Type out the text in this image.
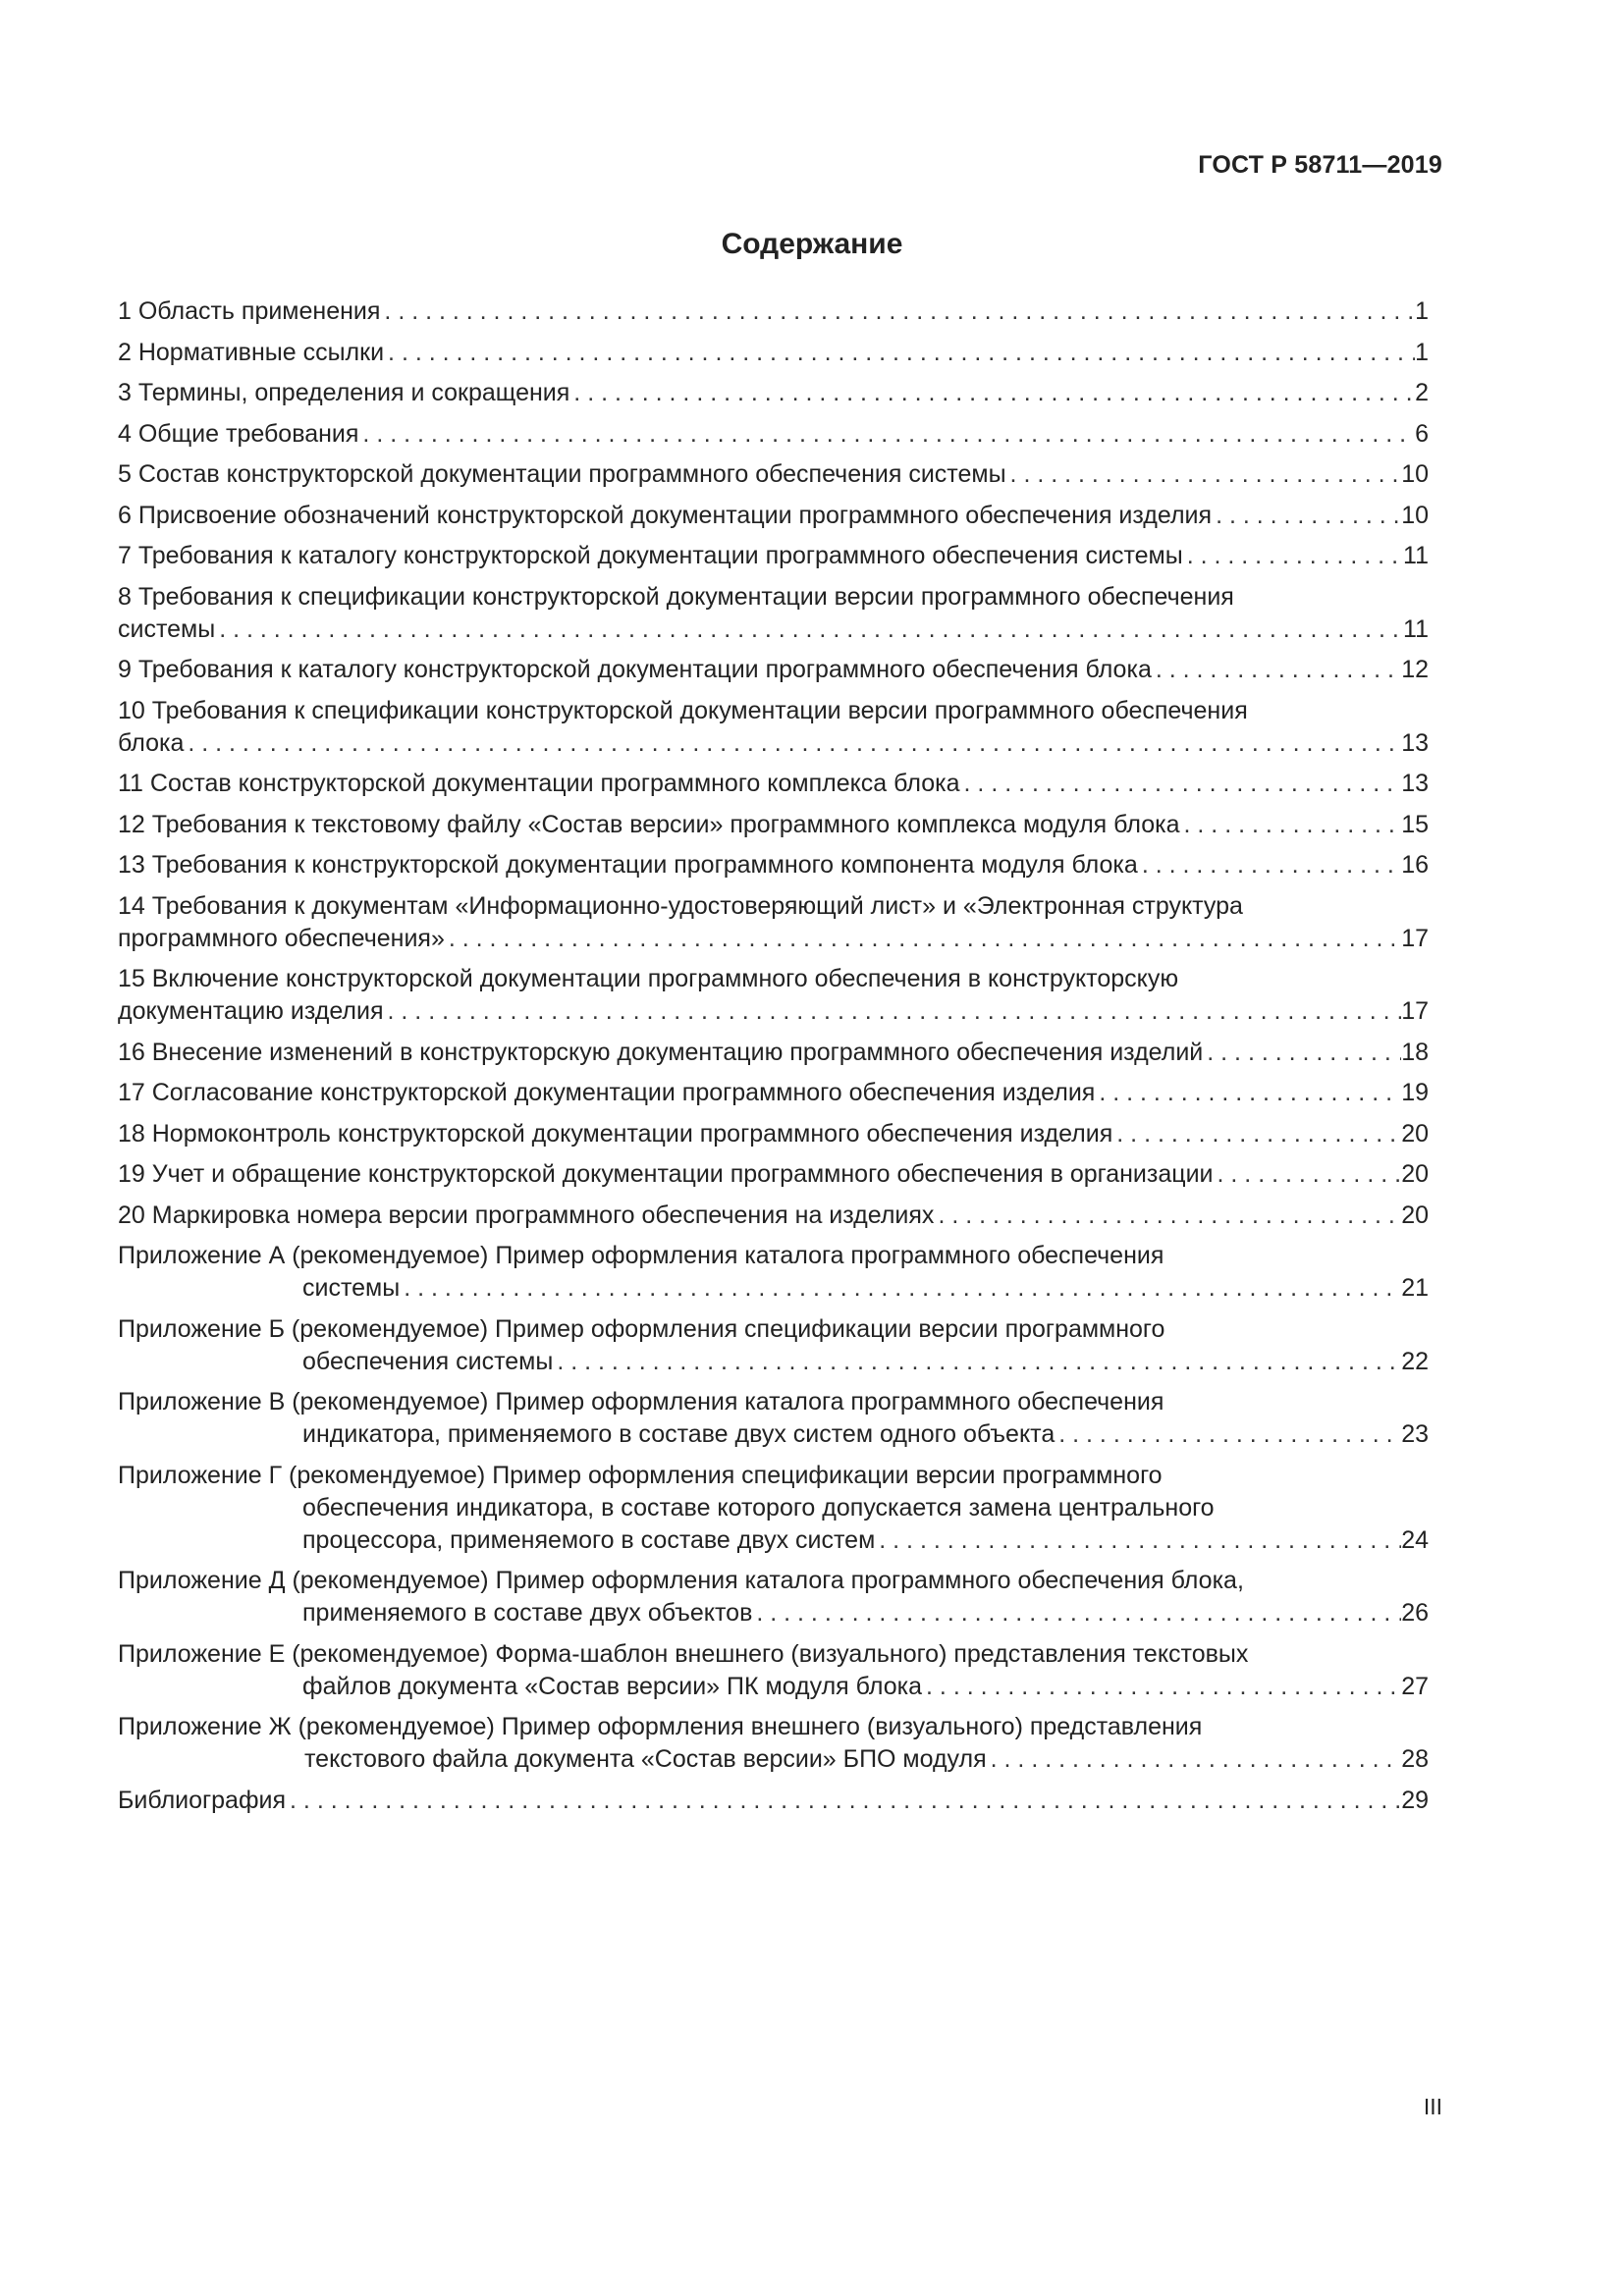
ГОСТ Р 58711—2019
Содержание
1 Область применения . . .	1
2 Нормативные ссылки . . .	1
3 Термины, определения и сокращения . . .	2
4 Общие требования . . .	6
5 Состав конструкторской документации программного обеспечения системы . . .	10
6 Присвоение обозначений конструкторской документации программного обеспечения изделия . . .	10
7 Требования к каталогу конструкторской документации программного обеспечения системы . . .	11
8 Требования к спецификации конструкторской документации версии программного обеспечения
системы . . .	11
9 Требования к каталогу конструкторской документации программного обеспечения блока . . .	12
10 Требования к спецификации конструкторской документации версии программного обеспечения
блока . . .	13
11 Состав конструкторской документации программного комплекса блока . . .	13
12 Требования к текстовому файлу «Состав версии» программного комплекса модуля блока . . .	15
13 Требования к конструкторской документации программного компонента модуля блока . . .	16
14 Требования к документам «Информационно-удостоверяющий лист» и «Электронная структура
программного обеспечения» . . .	17
15 Включение конструкторской документации программного обеспечения в конструкторскую
документацию изделия . . .	17
16 Внесение изменений в конструкторскую документацию программного обеспечения изделий . . .	18
17 Согласование конструкторской документации программного обеспечения изделия . . .	19
18 Нормоконтроль конструкторской документации программного обеспечения изделия . . .	20
19 Учет и обращение конструкторской документации программного обеспечения в организации . . .	20
20 Маркировка номера версии программного обеспечения на изделиях . . .	20
Приложение А (рекомендуемое) Пример оформления каталога программного обеспечения
системы . . .	21
Приложение Б (рекомендуемое) Пример оформления спецификации версии программного
обеспечения системы . . .	22
Приложение В (рекомендуемое) Пример оформления каталога программного обеспечения
индикатора, применяемого в составе двух систем одного объекта . . .	23
Приложение Г (рекомендуемое) Пример оформления спецификации версии программного
обеспечения индикатора, в составе которого допускается замена центрального
процессора, применяемого в составе двух систем . . .	24
Приложение Д (рекомендуемое) Пример оформления каталога программного обеспечения блока,
применяемого в составе двух объектов . . .	26
Приложение Е (рекомендуемое) Форма-шаблон внешнего (визуального) представления текстовых
файлов документа «Состав версии» ПК модуля блока . . .	27
Приложение Ж (рекомендуемое) Пример оформления внешнего (визуального) представления
текстового файла документа «Состав версии» БПО модуля . . .	28
Библиография . . .	29
III
